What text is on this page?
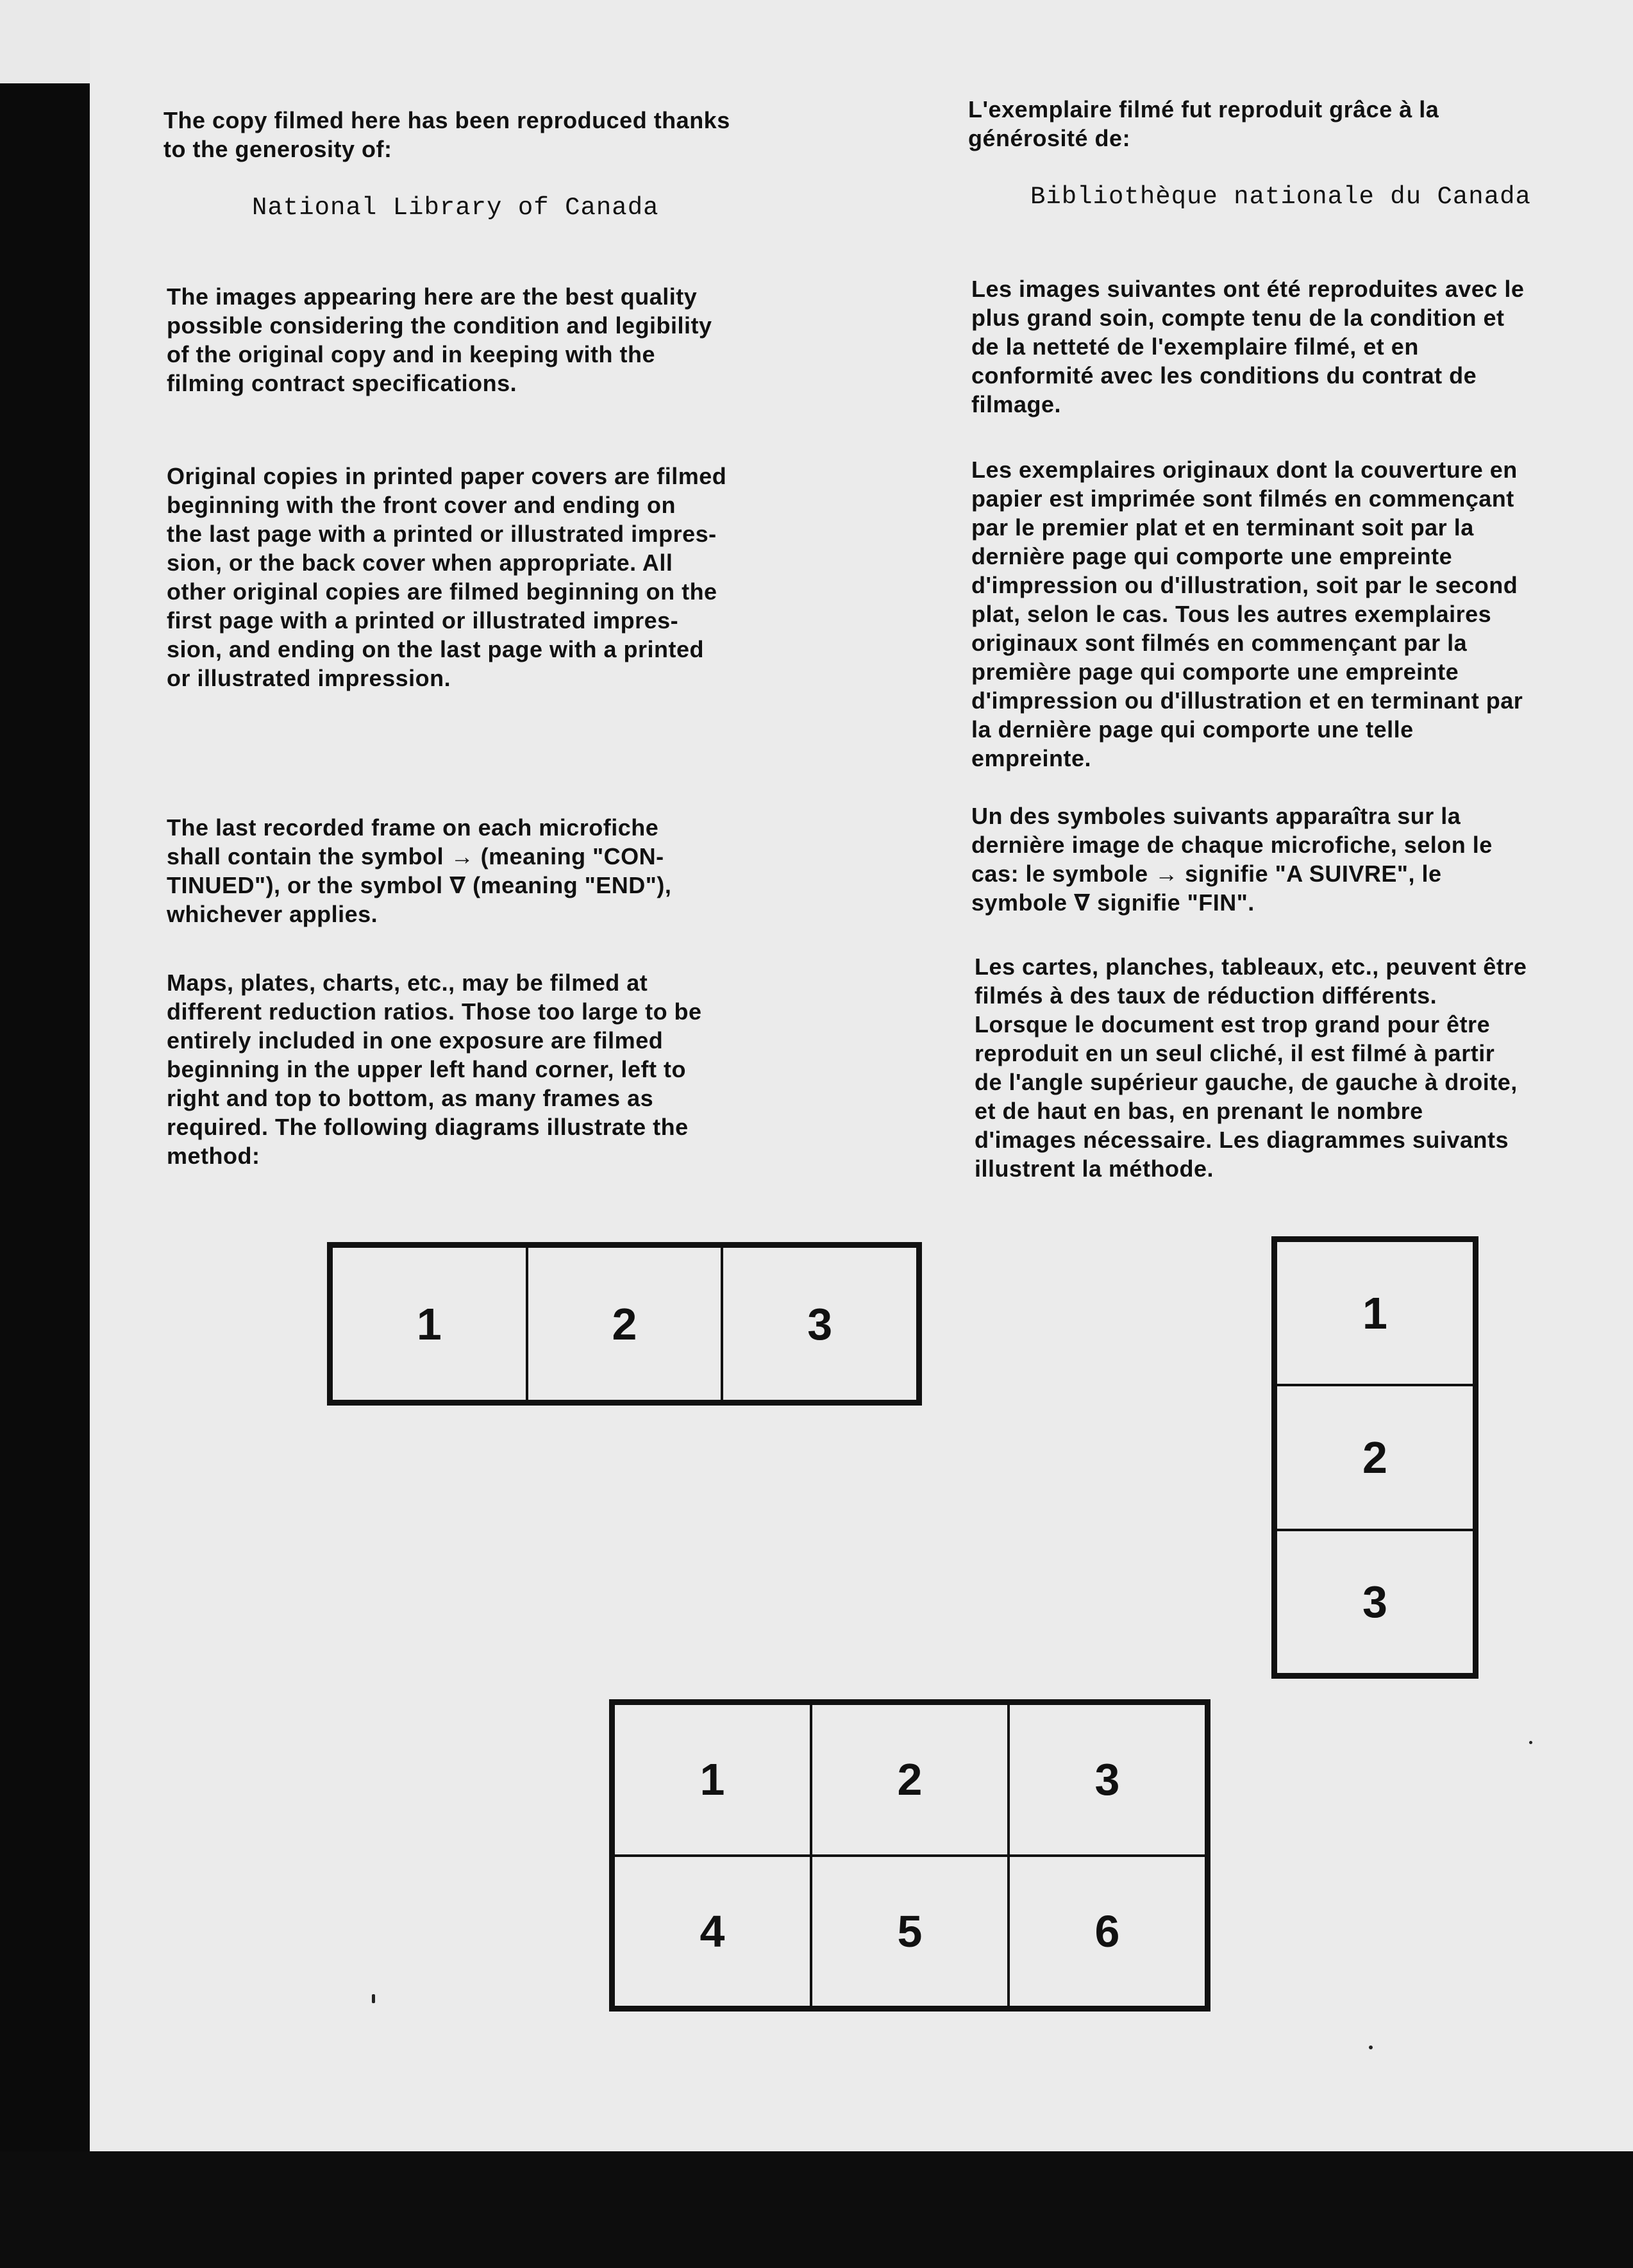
The copy filmed here has been reproduced thanks
to the generosity of:

National Library of Canada

The images appearing here are the best quality
possible considering the condition and legibility
of the original copy and in keeping with the
filming contract specifications.

Original copies in printed paper covers are filmed
beginning with the front cover and ending on
the last page with a printed or illustrated impres-
sion, or the back cover when appropriate. All
other original copies are filmed beginning on the
first page with a printed or illustrated impres-
sion, and ending on the last page with a printed
or illustrated impression.

The last recorded frame on each microfiche
shall contain the symbol → (meaning "CON-
TINUED"), or the symbol ∇ (meaning "END"),
whichever applies.

Maps, plates, charts, etc., may be filmed at
different reduction ratios. Those too large to be
entirely included in one exposure are filmed
beginning in the upper left hand corner, left to
right and top to bottom, as many frames as
required. The following diagrams illustrate the
method:

L'exemplaire filmé fut reproduit grâce à la
générosité de:

Bibliothèque nationale du Canada

Les images suivantes ont été reproduites avec le
plus grand soin, compte tenu de la condition et
de la netteté de l'exemplaire filmé, et en
conformité avec les conditions du contrat de
filmage.

Les exemplaires originaux dont la couverture en
papier est imprimée sont filmés en commençant
par le premier plat et en terminant soit par la
dernière page qui comporte une empreinte
d'impression ou d'illustration, soit par le second
plat, selon le cas. Tous les autres exemplaires
originaux sont filmés en commençant par la
première page qui comporte une empreinte
d'impression ou d'illustration et en terminant par
la dernière page qui comporte une telle
empreinte.

Un des symboles suivants apparaîtra sur la
dernière image de chaque microfiche, selon le
cas: le symbole → signifie "A SUIVRE", le
symbole ∇ signifie "FIN".

Les cartes, planches, tableaux, etc., peuvent être
filmés à des taux de réduction différents.
Lorsque le document est trop grand pour être
reproduit en un seul cliché, il est filmé à partir
de l'angle supérieur gauche, de gauche à droite,
et de haut en bas, en prenant le nombre
d'images nécessaire. Les diagrammes suivants
illustrent la méthode.

1	2	3	1
2
3
1	2	3
4	5	6
